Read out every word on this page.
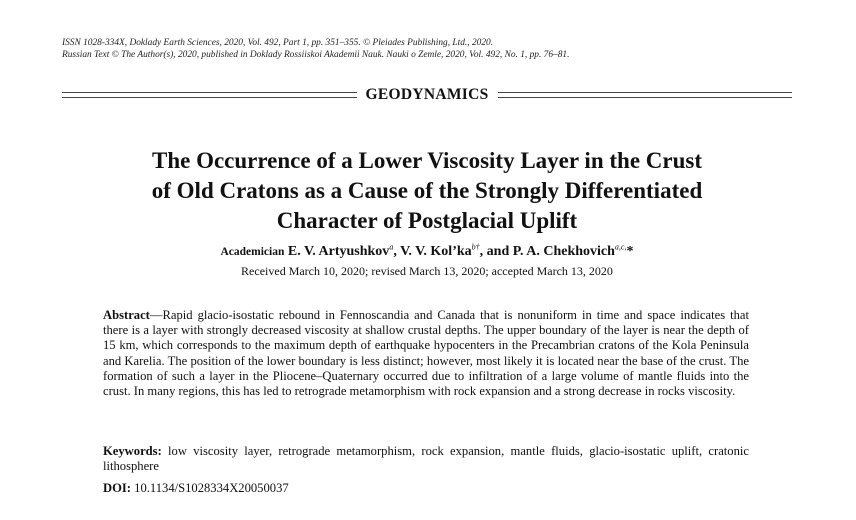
ISSN 1028-334X, Doklady Earth Sciences, 2020, Vol. 492, Part 1, pp. 351–355. © Pleiades Publishing, Ltd., 2020.
Russian Text © The Author(s), 2020, published in Doklady Rossiiskoi Akademii Nauk. Nauki o Zemle, 2020, Vol. 492, No. 1, pp. 76–81.
GEODYNAMICS
The Occurrence of a Lower Viscosity Layer in the Crust
of Old Cratons as a Cause of the Strongly Differentiated
Character of Postglacial Uplift
Academician E. V. Artyushkov$^a$, V. V. $Kol’ka^{b\dagger}$, and P. A. Chekhovich$^{a,c,}$*
Received March 10, 2020; revised March 13, 2020; accepted March 13, 2020
Abstract—Rapid glacio-isostatic rebound in Fennoscandia and Canada that is nonuniform in time and space indicates that there is a layer with strongly decreased viscosity at shallow crustal depths. The upper boundary of the layer is near the depth of 15 km, which corresponds to the maximum depth of earthquake hypocenters in the Precambrian cratons of the Kola Peninsula and Karelia. The position of the lower boundary is less distinct; however, most likely it is located near the base of the crust. The formation of such a layer in the Pliocene–Quaternary occurred due to infiltration of a large volume of mantle fluids into the crust. In many regions, this has led to retrograde metamorphism with rock expansion and a strong decrease in rocks viscosity.
Keywords: low viscosity layer, retrograde metamorphism, rock expansion, mantle fluids, glacio-isostatic uplift, cratonic lithosphere
DOI: 10.1134/S1028334X20050037
